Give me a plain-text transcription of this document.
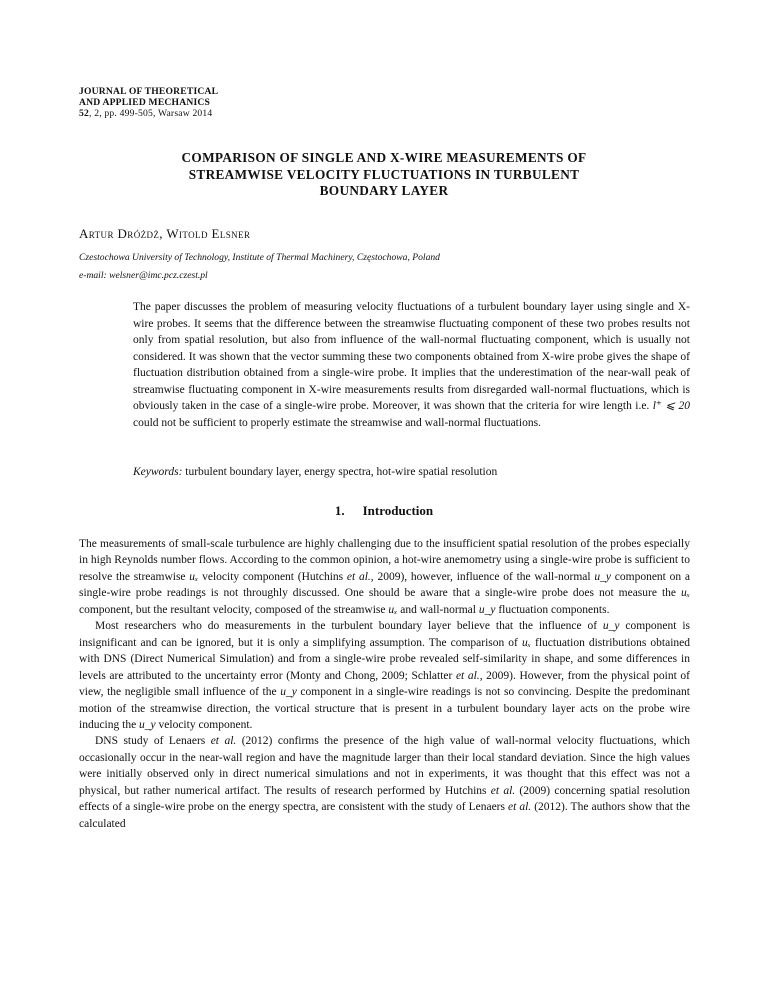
JOURNAL OF THEORETICAL
AND APPLIED MECHANICS
52, 2, pp. 499-505, Warsaw 2014
COMPARISON OF SINGLE AND X-WIRE MEASUREMENTS OF
STREAMWISE VELOCITY FLUCTUATIONS IN TURBULENT
BOUNDARY LAYER
Artur Dróżdż, Witold Elsner
Czestochowa University of Technology, Institute of Thermal Machinery, Częstochowa, Poland
e-mail: welsner@imc.pcz.czest.pl
The paper discusses the problem of measuring velocity fluctuations of a turbulent boundary layer using single and X-wire probes. It seems that the difference between the streamwise fluctuating component of these two probes results not only from spatial resolution, but also from influence of the wall-normal fluctuating component, which is usually not considered. It was shown that the vector summing these two components obtained from X-wire probe gives the shape of fluctuation distribution obtained from a single-wire probe. It implies that the underestimation of the near-wall peak of streamwise fluctuating component in X-wire measurements results from disregarded wall-normal fluctuations, which is obviously taken in the case of a single-wire probe. Moreover, it was shown that the criteria for wire length i.e. l⁺ ⩽ 20 could not be sufficient to properly estimate the streamwise and wall-normal fluctuations.
Keywords: turbulent boundary layer, energy spectra, hot-wire spatial resolution
1. Introduction

The measurements of small-scale turbulence are highly challenging due to the insufficient spatial resolution of the probes especially in high Reynolds number flows. According to the common opinion, a hot-wire anemometry using a single-wire probe is sufficient to resolve the streamwise uₓ velocity component (Hutchins et al., 2009), however, influence of the wall-normal u_y component on a single-wire probe readings is not throughly discussed. One should be aware that a single-wire probe does not measure the uₓ component, but the resultant velocity, composed of the streamwise uₓ and wall-normal u_y fluctuation components.

Most researchers who do measurements in the turbulent boundary layer believe that the influence of u_y component is insignificant and can be ignored, but it is only a simplifying assumption. The comparison of uₓ fluctuation distributions obtained with DNS (Direct Numerical Simulation) and from a single-wire probe revealed self-similarity in shape, and some differences in levels are attributed to the uncertainty error (Monty and Chong, 2009; Schlatter et al., 2009). However, from the physical point of view, the negligible small influence of the u_y component in a single-wire readings is not so convincing. Despite the predominant motion of the streamwise direction, the vortical structure that is present in a turbulent boundary layer acts on the probe wire inducing the u_y velocity component.

DNS study of Lenaers et al. (2012) confirms the presence of the high value of wall-normal velocity fluctuations, which occasionally occur in the near-wall region and have the magnitude larger than their local standard deviation. Since the high values were initially observed only in direct numerical simulations and not in experiments, it was thought that this effect was not a physical, but rather numerical artifact. The results of research performed by Hutchins et al. (2009) concerning spatial resolution effects of a single-wire probe on the energy spectra, are consistent with the study of Lenaers et al. (2012). The authors show that the calculated
